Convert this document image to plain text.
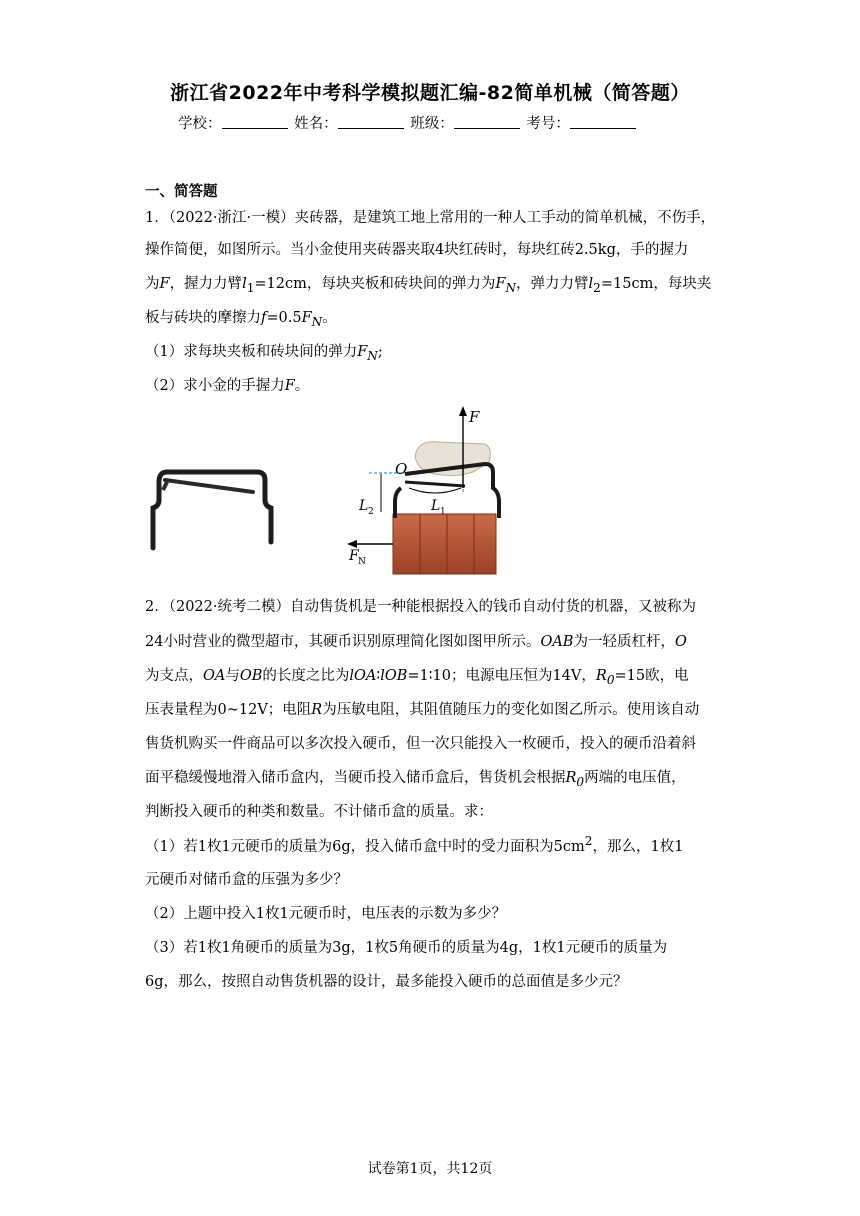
浙江省2022年中考科学模拟题汇编-82简单机械（简答题）
学校：	姓名：	班级：	考号：
一、简答题
1．（2022·浙江·一模）夹砖器，是建筑工地上常用的一种人工手动的简单机械，不伤手，
操作简便，如图所示。当小金使用夹砖器夹取4块红砖时，每块红砖2.5kg，手的握力
为F，握力力臂$l_1=12cm$，每块夹板和砖块间的弹力为$F_N$，弹力力臂$l_2=15cm$，每块夹
板与砖块的摩擦力$f=0.5F_N$。
（1）求每块夹板和砖块间的弹力$F_N$;
（2）求小金的手握力F。
F
O
L 2	L 1
F N
2．（2022·统考二模）自动售货机是一种能根据投入的钱币自动付货的机器，又被称为
24小时营业的微型超市，其硬币识别原理简化图如图甲所示。OAB为一轻质杠杆，O
为支点，OA与OB的长度之比为lOA∶lOB=1∶10；电源电压恒为14V，$R_0=15$欧，电
压表量程为0~12V；电阻R为压敏电阻，其阻值随压力的变化如图乙所示。使用该自动
售货机购买一件商品可以多次投入硬币，但一次只能投入一枚硬币，投入的硬币沿着斜
面平稳缓慢地滑入储币盒内，当硬币投入储币盒后，售货机会根据$R_0$两端的电压值，
判断投入硬币的种类和数量。不计储币盒的质量。求：
（1）若1枚1元硬币的质量为6g，投入储币盒中时的受力面积为$5cm^2$，那么，1枚1
元硬币对储币盒的压强为多少？
（2）上题中投入1枚1元硬币时，电压表的示数为多少？
（3）若1枚1角硬币的质量为3g，1枚5角硬币的质量为4g，1枚1元硬币的质量为
6g，那么，按照自动售货机器的设计，最多能投入硬币的总面值是多少元？
试卷第1页，共12页
